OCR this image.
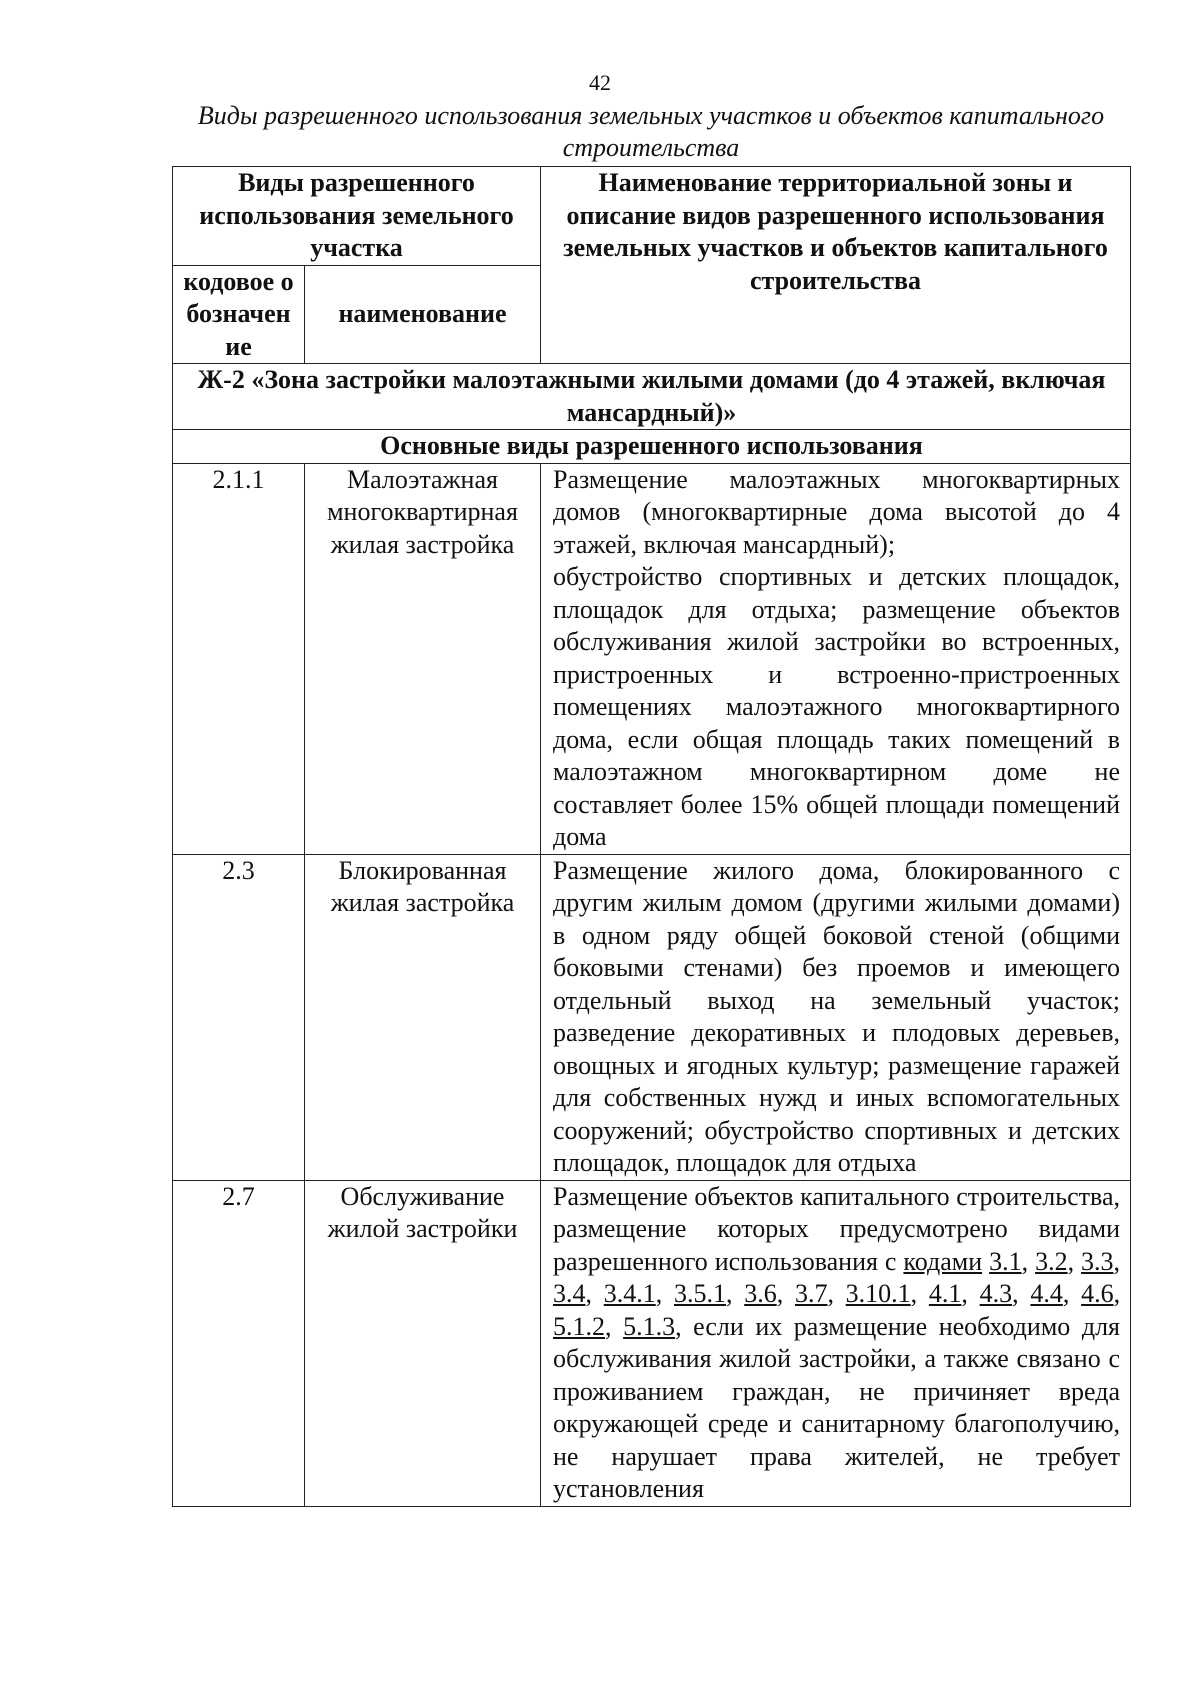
42
Виды разрешенного использования земельных участков и объектов капитального строительства
Виды разрешенного использования земельного участка		Наименование территориальной зоны и описание видов разрешенного использования земельных участков и объектов капитального строительства
кодовое обозначение	наименование	
Ж-2 «Зона застройки малоэтажными жилыми домами (до 4 этажей, включая мансардный)»		
Основные виды разрешенного использования		
2.1.1	Малоэтажная многоквартирная жилая застройка	Размещение малоэтажных многоквартирных домов (многоквартирные дома высотой до 4 этажей, включая мансардный);

обустройство спортивных и детских площадок, площадок для отдыха; размещение объектов обслуживания жилой застройки во встроенных, пристроенных и встроенно-пристроенных помещениях малоэтажного многоквартирного дома, если общая площадь таких помещений в малоэтажном многоквартирном доме не составляет более 15% общей площади помещений дома

2.3	Блокированная жилая застройка	Размещение жилого дома, блокированного с другим жилым домом (другими жилыми домами) в одном ряду общей боковой стеной (общими боковыми стенами) без проемов и имеющего отдельный выход на земельный участок; разведение декоративных и плодовых деревьев, овощных и ягодных культур; размещение гаражей для собственных нужд и иных вспомогательных сооружений; обустройство спортивных и детских площадок, площадок для отдыха

2.7	Обслуживание жилой застройки	Размещение объектов капитального строительства, размещение которых предусмотрено видами разрешенного использования с кодами 3.1, 3.2, 3.3, 3.4, 3.4.1, 3.5.1, 3.6, 3.7, 3.10.1, 4.1, 4.3, 4.4, 4.6, 5.1.2, 5.1.3, если их размещение необходимо для обслуживания жилой застройки, а также связано с проживанием граждан, не причиняет вреда окружающей среде и санитарному благополучию, не нарушает права жителей, не требует установления
